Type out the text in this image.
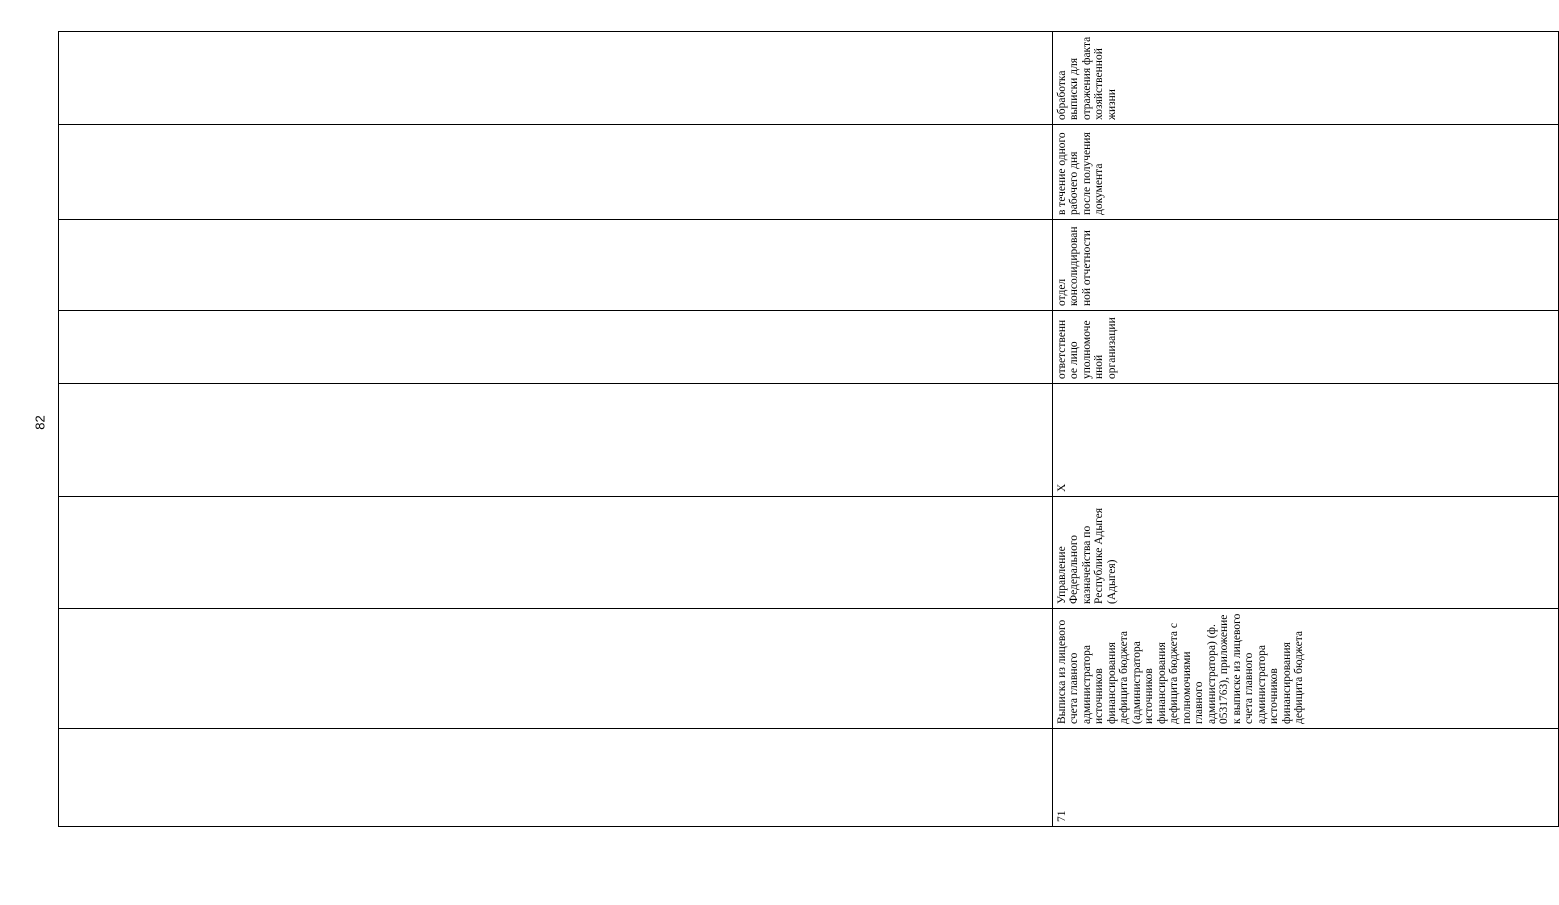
82

71	Выписка из лицевого счета главного администратора источников финансирования дефицита бюджета (администратора источников финансирования дефицита бюджета с полномочиями главного администратора) (ф. 0531763), приложение к выписке из лицевого счета главного администратора источников финансирования дефицита бюджета	Управление Федерального казначейства по Республике Адыгея (Адыгея)	X	ответственное лицо уполномоченной организации	отдел консолидированной отчетности	в течение одного рабочего дня после получения документа	обработка выписки для отражения факта хозяйственной жизни	
